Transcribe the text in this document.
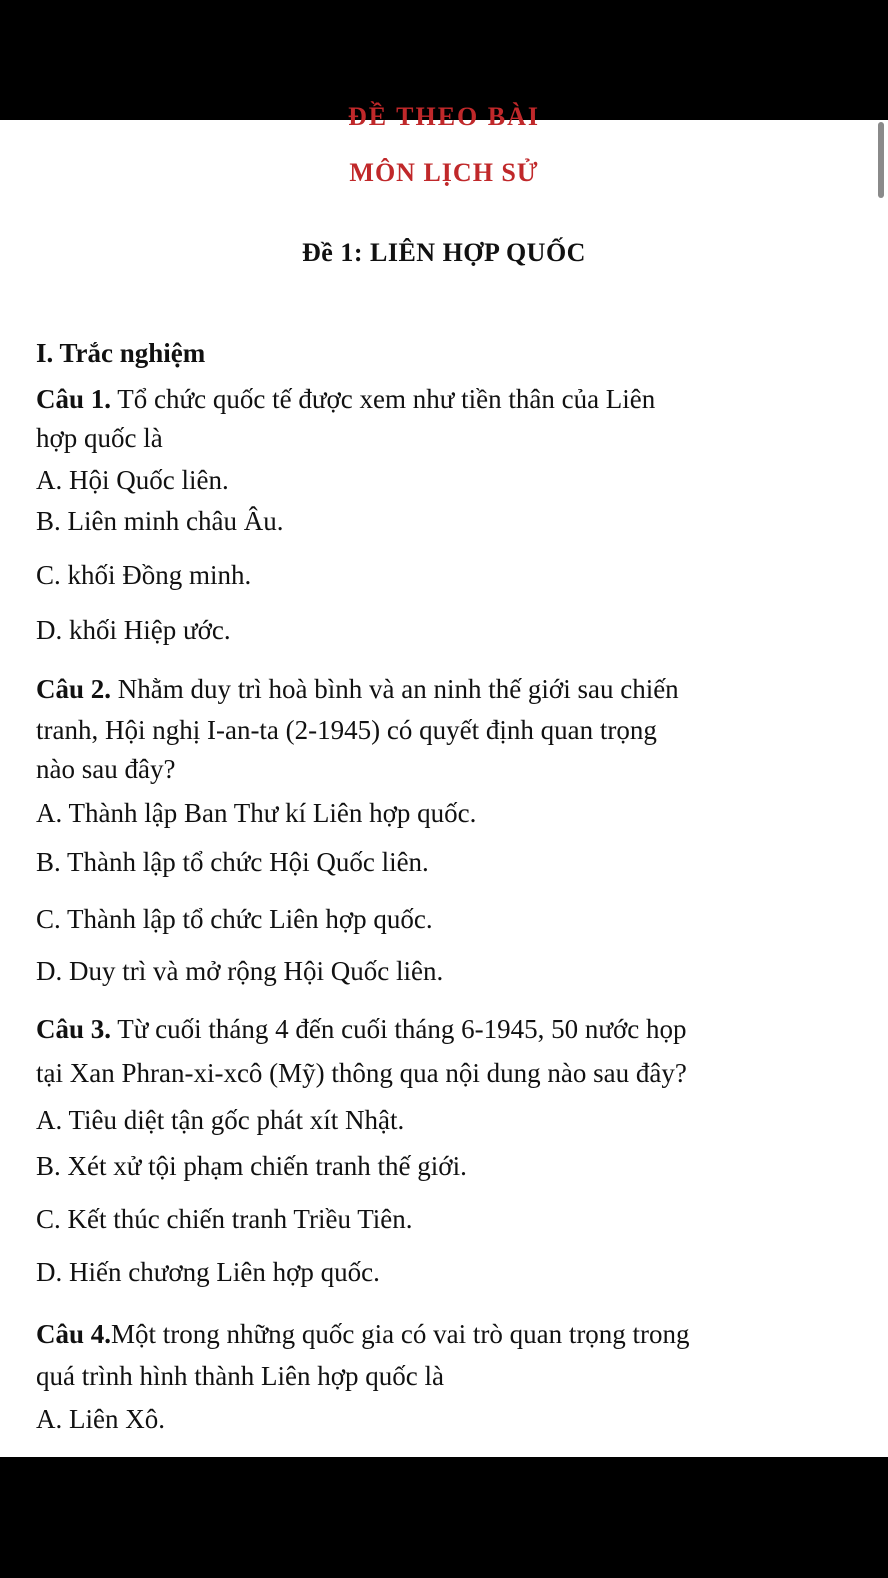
ĐỀ THEO BÀI
MÔN LỊCH SỬ
Đề 1: LIÊN HỢP QUỐC
I. Trắc nghiệm
Câu 1. Tổ chức quốc tế được xem như tiền thân của Liên
hợp quốc là
A. Hội Quốc liên.
B. Liên minh châu Âu.
C. khối Đồng minh.
D. khối Hiệp ước.
Câu 2. Nhằm duy trì hoà bình và an ninh thế giới sau chiến
tranh, Hội nghị I-an-ta (2-1945) có quyết định quan trọng
nào sau đây?
A. Thành lập Ban Thư kí Liên hợp quốc.
B. Thành lập tổ chức Hội Quốc liên.
C. Thành lập tổ chức Liên hợp quốc.
D. Duy trì và mở rộng Hội Quốc liên.
Câu 3. Từ cuối tháng 4 đến cuối tháng 6-1945, 50 nước họp
tại Xan Phran-xi-xcô (Mỹ) thông qua nội dung nào sau đây?
A. Tiêu diệt tận gốc phát xít Nhật.
B. Xét xử tội phạm chiến tranh thế giới.
C. Kết thúc chiến tranh Triều Tiên.
D. Hiến chương Liên hợp quốc.
Câu 4.Một trong những quốc gia có vai trò quan trọng trong
quá trình hình thành Liên hợp quốc là
A. Liên Xô.
